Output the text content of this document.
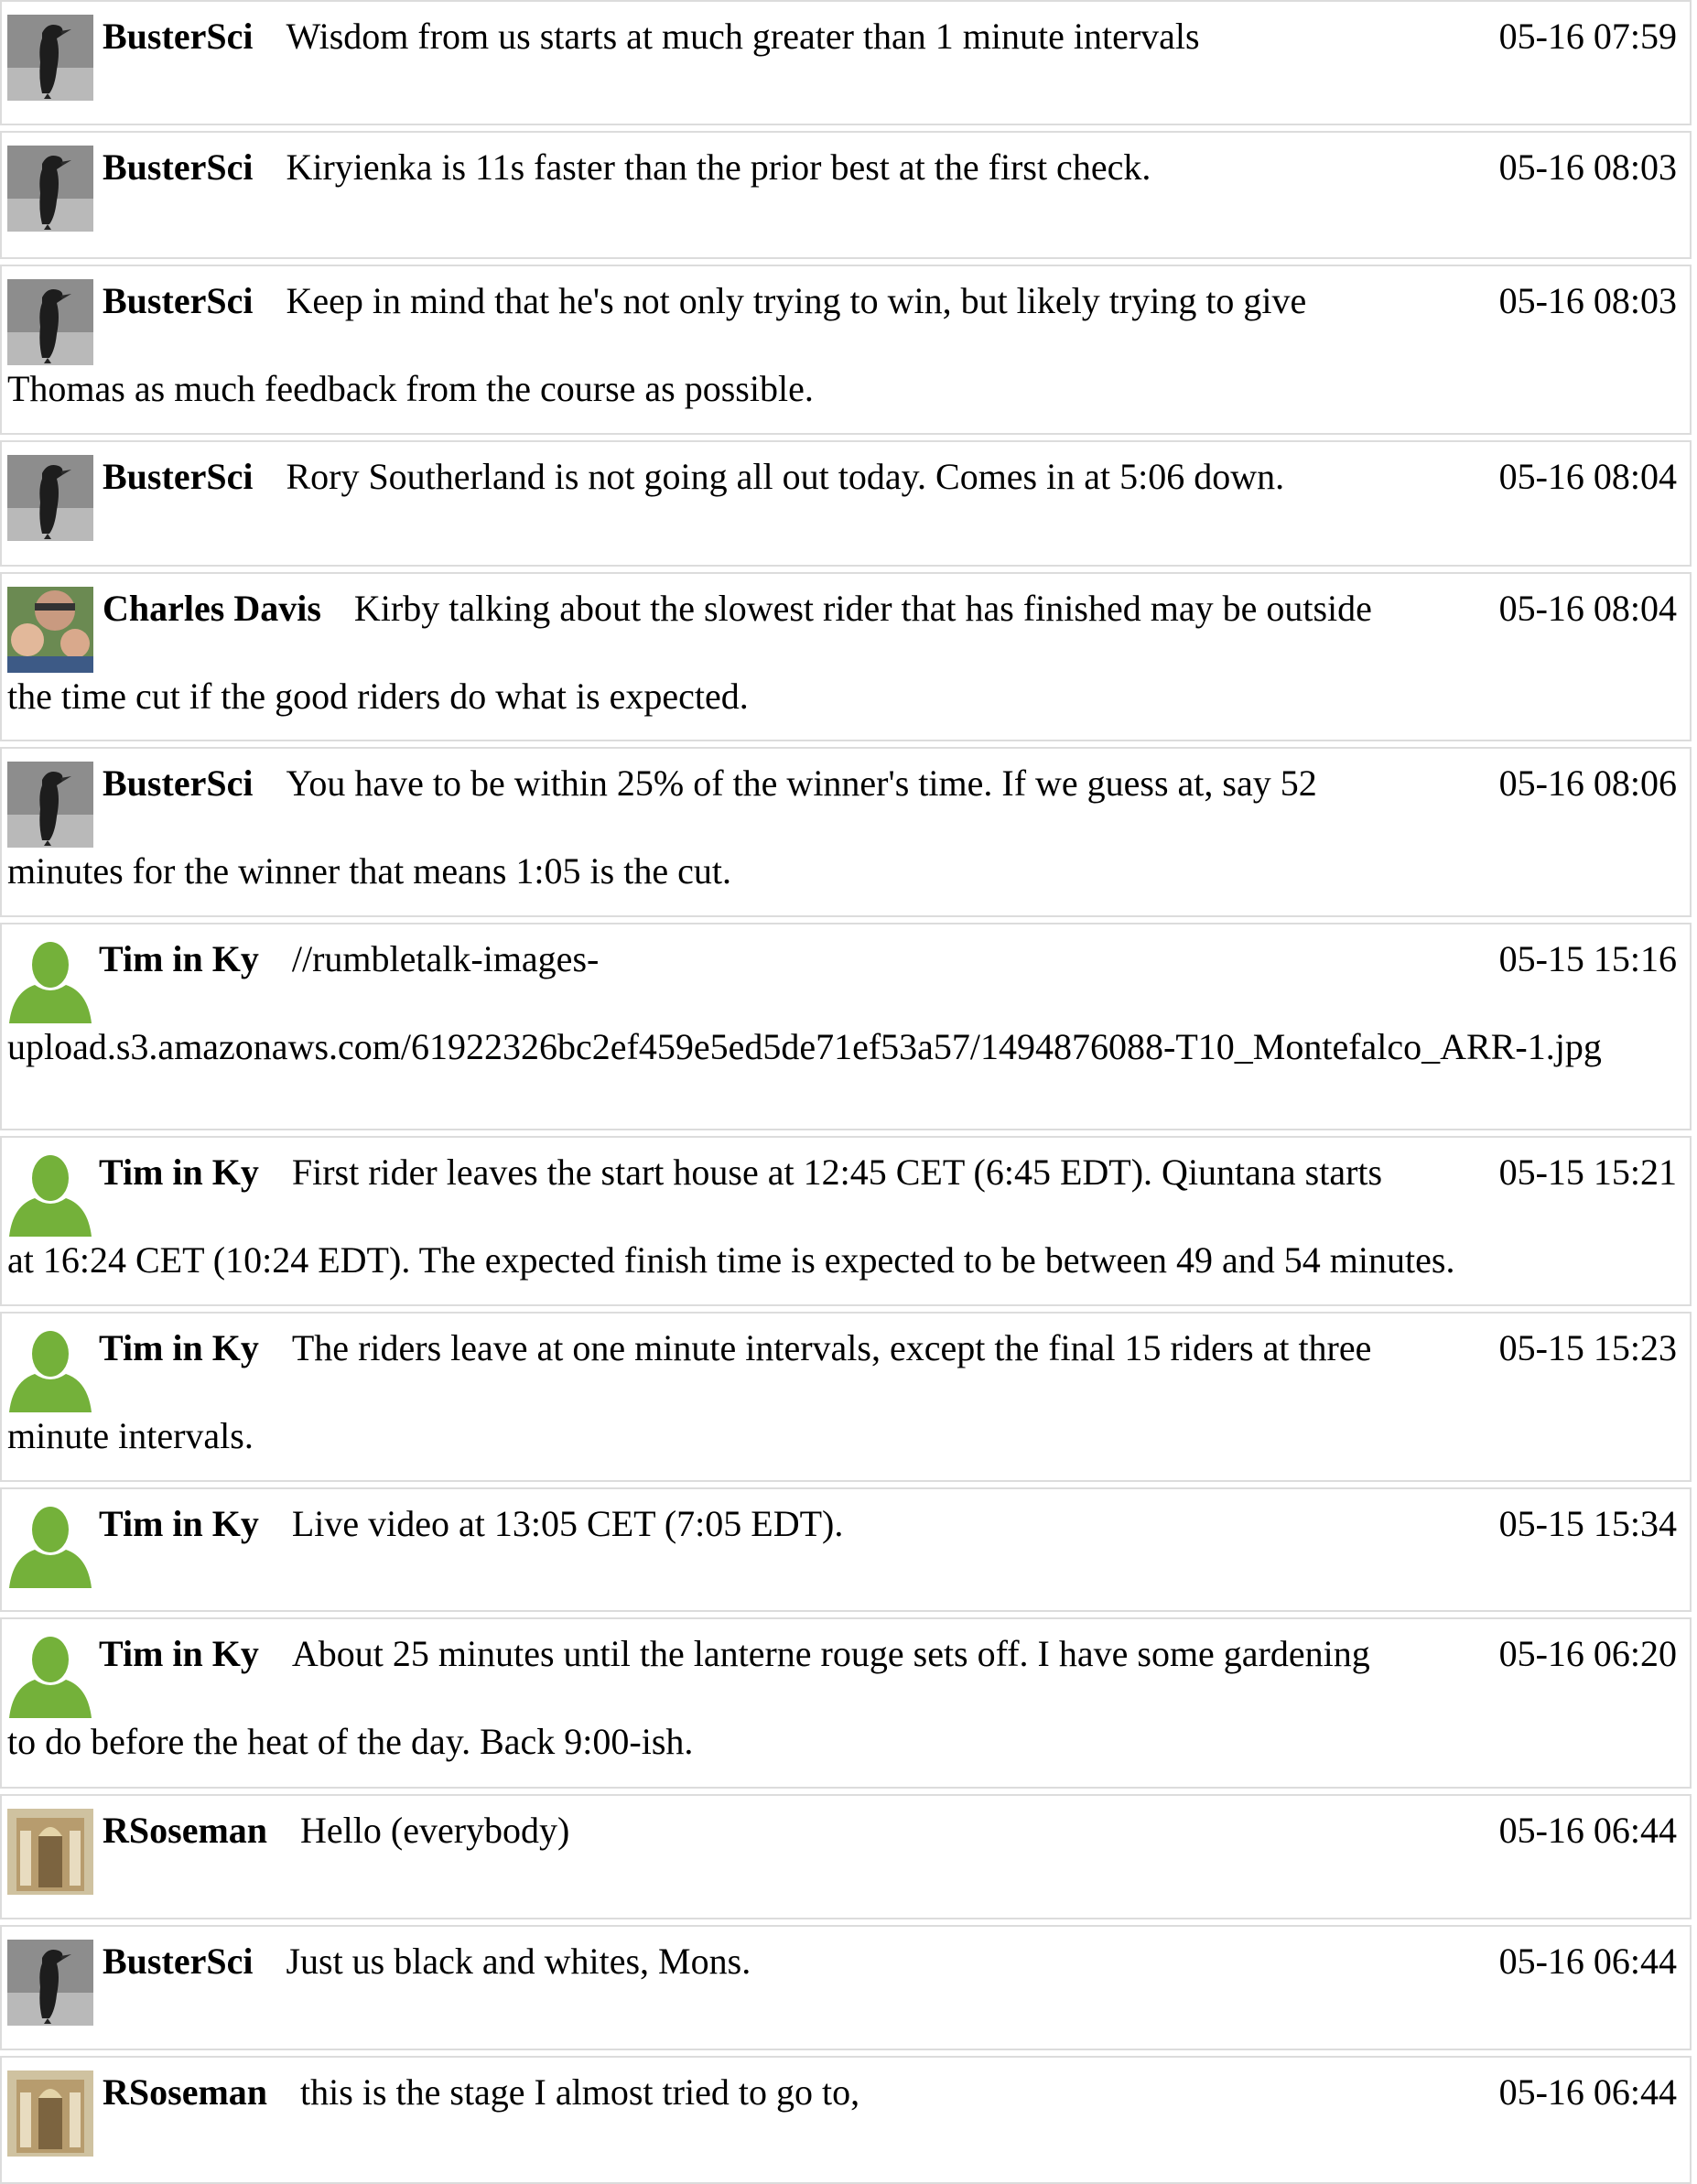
BusterSci Wisdom from us starts at much greater than 1 minute intervals	05-16 07:59
BusterSci Kiryienka is 11s faster than the prior best at the first check.	05-16 08:03
BusterSci Keep in mind that he's not only trying to win, but likely trying to give	05-16 08:03
Thomas as much feedback from the course as possible.
BusterSci Rory Southerland is not going all out today. Comes in at 5:06 down.	05-16 08:04
Charles Davis Kirby talking about the slowest rider that has finished may be outside	05-16 08:04
the time cut if the good riders do what is expected.
BusterSci You have to be within 25% of the winner's time. If we guess at, say 52	05-16 08:06
minutes for the winner that means 1:05 is the cut.
Tim in Ky //rumbletalk-images-	05-15 15:16
upload.s3.amazonaws.com/61922326bc2ef459e5ed5de71ef53a57/1494876088-T10_Montefalco_ARR-1.jpg
Tim in Ky First rider leaves the start house at 12:45 CET (6:45 EDT). Qiuntana starts	05-15 15:21
at 16:24 CET (10:24 EDT). The expected finish time is expected to be between 49 and 54 minutes.
Tim in Ky The riders leave at one minute intervals, except the final 15 riders at three	05-15 15:23
minute intervals.
Tim in Ky Live video at 13:05 CET (7:05 EDT).	05-15 15:34
Tim in Ky About 25 minutes until the lanterne rouge sets off. I have some gardening	05-16 06:20
to do before the heat of the day. Back 9:00-ish.
RSoseman Hello (everybody)	05-16 06:44
BusterSci Just us black and whites, Mons.	05-16 06:44
RSoseman this is the stage I almost tried to go to,	05-16 06:44
